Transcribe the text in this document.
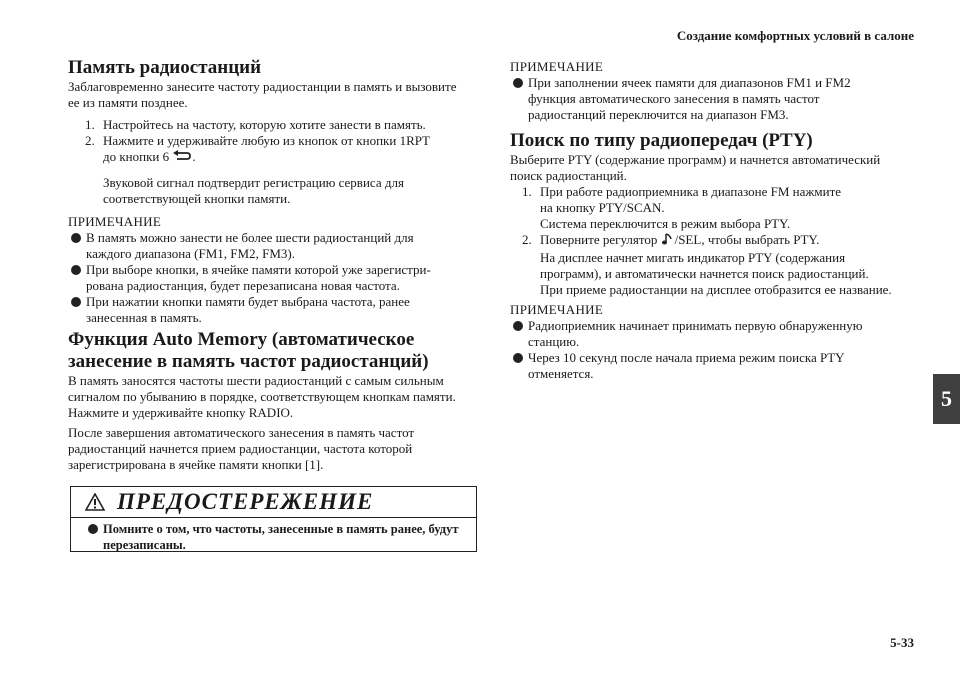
Создание комфортных условий в салоне
5
5-33
Память радиостанций

Заблаговременно занесите частоту радиостанции в память и вызовите

ее из памяти позднее.

1. Настройтесь на частоту, которую хотите занести в память.
2. Нажмите и удерживайте любую из кнопок от кнопки 1RPT
до кнопки 6 .

Звуковой сигнал подтвердит регистрацию сервиса для

соответствующей кнопки памяти.

ПРИМЕЧАНИЕ
В память можно занести не более шести радиостанций для
каждого диапазона (FM1, FM2, FM3).
При выборе кнопки, в ячейке памяти которой уже зарегистри-
рована радиостанция, будет перезаписана новая частота.
При нажатии кнопки памяти будет выбрана частота, ранее
занесенная в память.
Функция Auto Memory (автоматическое
занесение в память частот радиостанций)

В память заносятся частоты шести радиостанций с самым сильным

сигналом по убыванию в порядке, соответствующем кнопкам памяти.

Нажмите и удерживайте кнопку RADIO.

После завершения автоматического занесения в память частот

радиостанций начнется прием радиостанции, частота которой

зарегистрирована в ячейке памяти кнопки [1].

ПРЕДОСТЕРЕЖЕНИЕ
Помните о том, что частоты, занесенные в память ранее, будут
перезаписаны.
ПРИМЕЧАНИЕ
При заполнении ячеек памяти для диапазонов FM1 и FM2
функция автоматического занесения в память частот
радиостанций переключится на диапазон FM3.
Поиск по типу радиопередач (PTY)

Выберите PTY (содержание программ) и начнется автоматический

поиск радиостанций.

1. При работе радиоприемника в диапазоне FM нажмите
на кнопку PTY/SCAN.
Система переключится в режим выбора PTY.
2. Поверните регулятор /SEL, чтобы выбрать PTY.
На дисплее начнет мигать индикатор PTY (содержания
программ), и автоматически начнется поиск радиостанций.
При приеме радиостанции на дисплее отобразится ее название.
ПРИМЕЧАНИЕ
Радиоприемник начинает принимать первую обнаруженную
станцию.
Через 10 секунд после начала приема режим поиска PTY
отменяется.
